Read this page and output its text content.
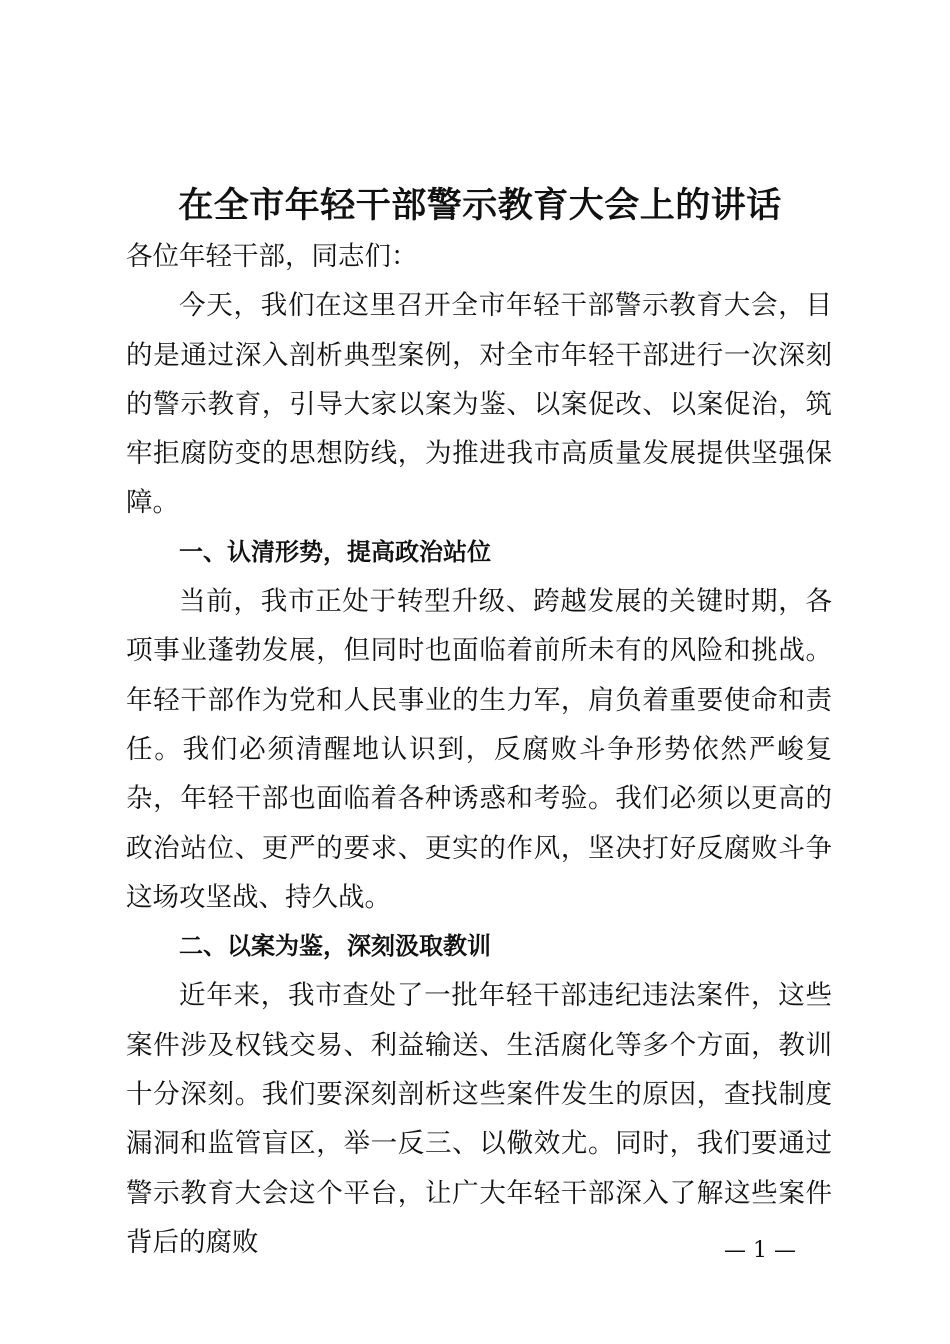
在全市年轻干部警示教育大会上的讲话

各位年轻干部，同志们：

今天，我们在这里召开全市年轻干部警示教育大会，目的是通过深入剖析典型案例，对全市年轻干部进行一次深刻的警示教育，引导大家以案为鉴、以案促改、以案促治，筑牢拒腐防变的思想防线，为推进我市高质量发展提供坚强保障。

一、认清形势，提高政治站位

当前，我市正处于转型升级、跨越发展的关键时期，各项事业蓬勃发展，但同时也面临着前所未有的风险和挑战。年轻干部作为党和人民事业的生力军，肩负着重要使命和责任。我们必须清醒地认识到，反腐败斗争形势依然严峻复杂，年轻干部也面临着各种诱惑和考验。我们必须以更高的政治站位、更严的要求、更实的作风，坚决打好反腐败斗争这场攻坚战、持久战。

二、以案为鉴，深刻汲取教训

近年来，我市查处了一批年轻干部违纪违法案件，这些案件涉及权钱交易、利益输送、生活腐化等多个方面，教训十分深刻。我们要深刻剖析这些案件发生的原因，查找制度漏洞和监管盲区，举一反三、以儆效尤。同时，我们要通过警示教育大会这个平台，让广大年轻干部深入了解这些案件背后的腐败	— 1 —
